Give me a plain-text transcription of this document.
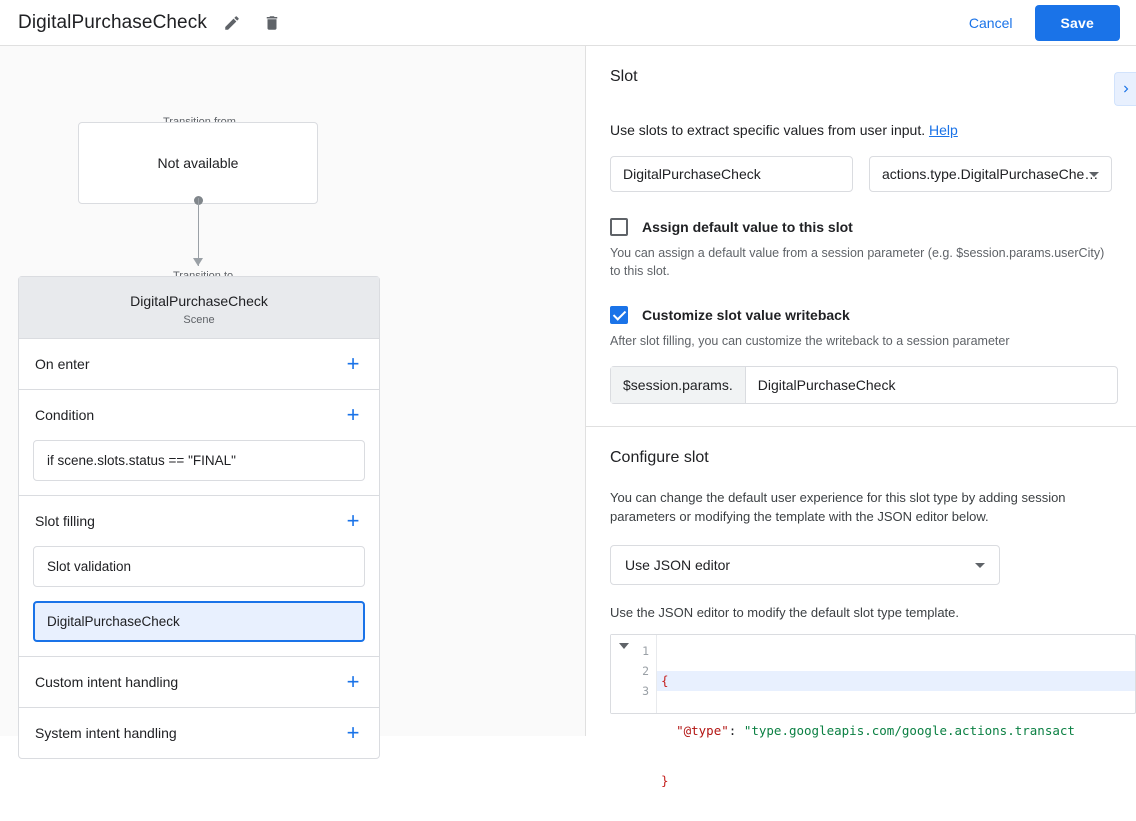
DigitalPurchaseCheck	Cancel	Save
Not available
DigitalPurchaseCheck
Scene
On enter	+
Condition	+
if scene.slots.status == "FINAL"
Slot filling	+
Slot validation
DigitalPurchaseCheck
Custom intent handling	+
System intent handling	+
Slot
Use slots to extract specific values from user input. Help
DigitalPurchaseCheck	actions.type.DigitalPurchaseChe…
Assign default value to this slot
You can assign a default value from a session parameter (e.g. $session.params.userCity) to this slot.
Customize slot value writeback
After slot filling, you can customize the writeback to a session parameter
$session.params.	DigitalPurchaseCheck
Configure slot
You can change the default user experience for this slot type by adding session parameters or modifying the template with the JSON editor below.
Use JSON editor
Use the JSON editor to modify the default slot type template.
1
2
3

{

"@type": "type.googleapis.com/google.actions.transact

}
